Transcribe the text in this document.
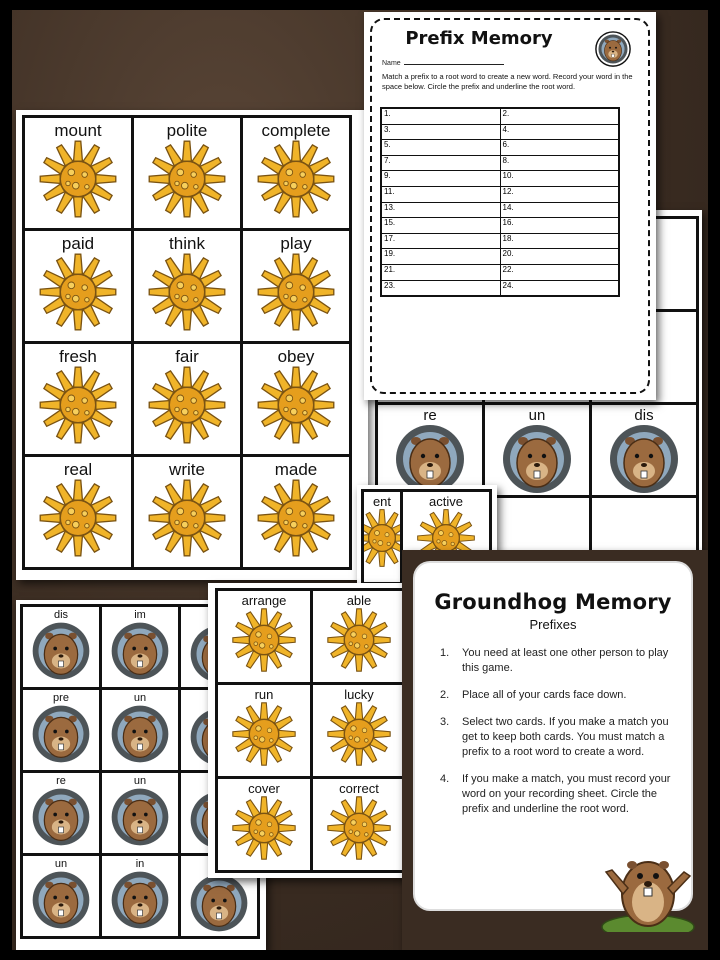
re	un	dis
mount	polite	complete
paid	think	play
fresh	fair	obey
real	write	made
Prefix Memory
Name
Match a prefix to a root word to create a new word. Record your word in the space below. Circle the prefix and underline the root word.
1.	2.
3.	4.
5.	6.
7.	8.
9.	10.
11.	12.
13.	14.
15.	16.
17.	18.
19.	20.
21.	22.
23.	24.
ent	active
dis	im
pre	un
re	un
un	in
arrange	able
run	lucky
cover	correct
Groundhog Memory
Prefixes
1.	You need at least one other person to play this game.
2.	Place all of your cards face down.
3.	Select two cards. If you make a match you get to keep both cards. You must match a prefix to a root word to create a word.
4.	If you make a match, you must record your word on your recording sheet. Circle the prefix and underline the root word.
